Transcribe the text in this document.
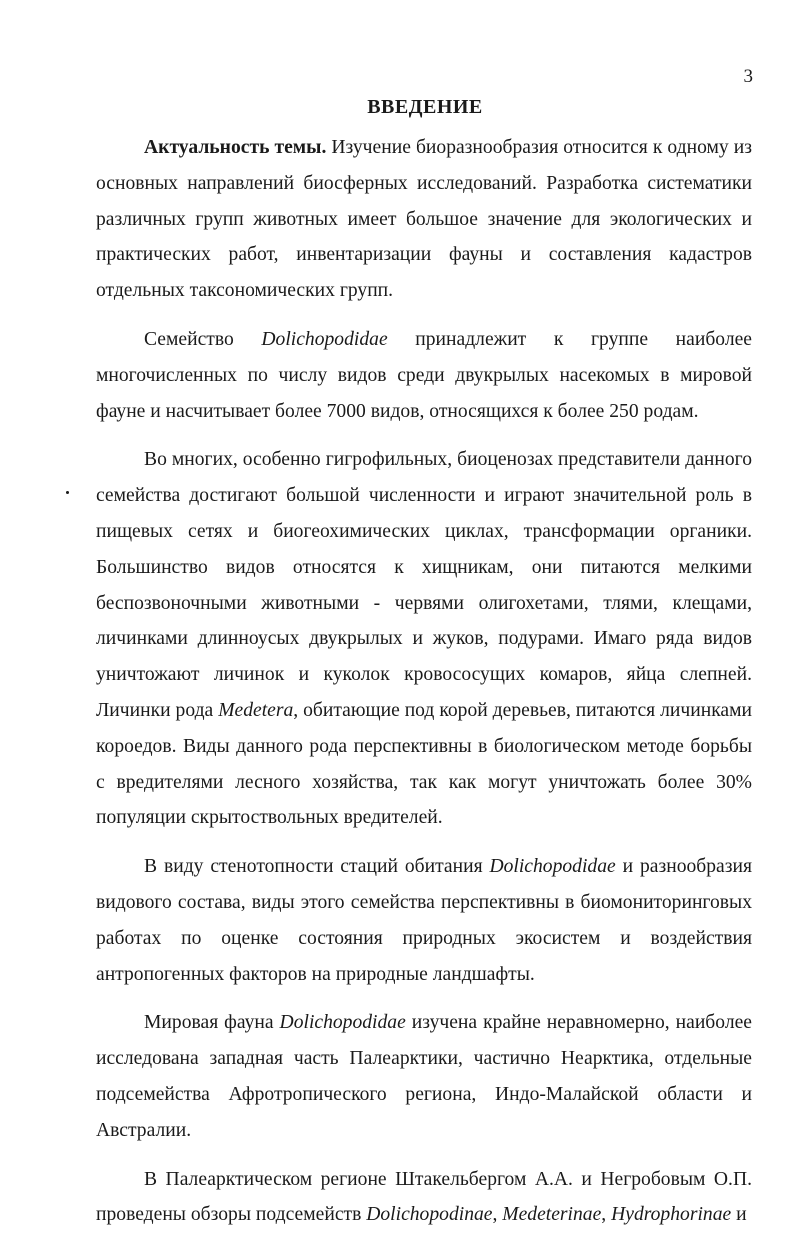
3
ВВЕДЕНИЕ

Актуальность темы. Изучение биоразнообразия относится к одному из основных направлений биосферных исследований. Разработка систематики различных групп животных имеет большое значение для экологических и практических работ, инвентаризации фауны и составления кадастров отдельных таксономических групп.

Семейство Dolichopodidae принадлежит к группе наиболее многочисленных по числу видов среди двукрылых насекомых в мировой фауне и насчитывает более 7000 видов, относящихся к более 250 родам.

Во многих, особенно гигрофильных, биоценозах представители данного семейства достигают большой численности и играют значительной роль в пищевых сетях и биогеохимических циклах, трансформации органики. Большинство видов относятся к хищникам, они питаются мелкими беспозвоночными животными - червями олигохетами, тлями, клещами, личинками длинноусых двукрылых и жуков, подурами. Имаго ряда видов уничтожают личинок и куколок кровососущих комаров, яйца слепней. Личинки рода Medetera, обитающие под корой деревьев, питаются личинками короедов. Виды данного рода перспективны в биологическом методе борьбы с вредителями лесного хозяйства, так как могут уничтожать более 30% популяции скрытоствольных вредителей.

В виду стенотопности стаций обитания Dolichopodidae и разнообразия видового состава, виды этого семейства перспективны в биомониторинговых работах по оценке состояния природных экосистем и воздействия антропогенных факторов на природные ландшафты.

Мировая фауна Dolichopodidae изучена крайне неравномерно, наиболее исследована западная часть Палеарктики, частично Неарктика, отдельные подсемейства Афротропического региона, Индо-Малайской области и Австралии.

В Палеарктическом регионе Штакельбергом А.А. и Негробовым О.П. проведены обзоры подсемейств Dolichopodinae, Medeterinae, Hydrophorinae и
